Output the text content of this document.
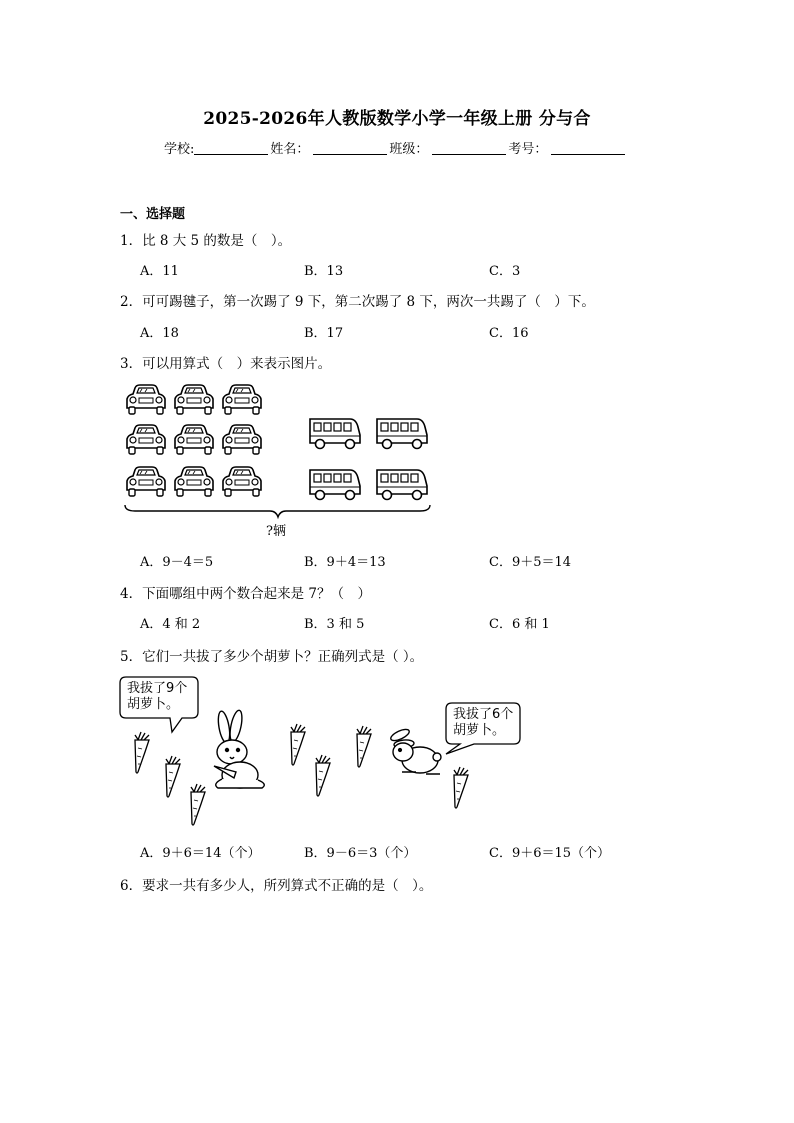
2025-2026年人教版数学小学一年级上册 分与合
学校:	姓名：	班级：	考号：
一、选择题
1．比 8 大 5 的数是（　）。
A．11	B．13	C．3
2．可可踢毽子，第一次踢了 9 下，第二次踢了 8 下，两次一共踢了（　）下。
A．18	B．17	C．16
3．可以用算式（　）来表示图片。
?辆
A．9－4＝5	B．9＋4＝13	C．9＋5＝14
4．下面哪组中两个数合起来是 7？（　）
A．4 和 2	B．3 和 5	C．6 和 1
5．它们一共拔了多少个胡萝卜？正确列式是（ ）。
我拔了9个
胡萝卜。
我拔了6个
胡萝卜。
A．9＋6＝14（个）	B．9－6＝3（个）	C．9＋6＝15（个）
6．要求一共有多少人，所列算式不正确的是（　）。
